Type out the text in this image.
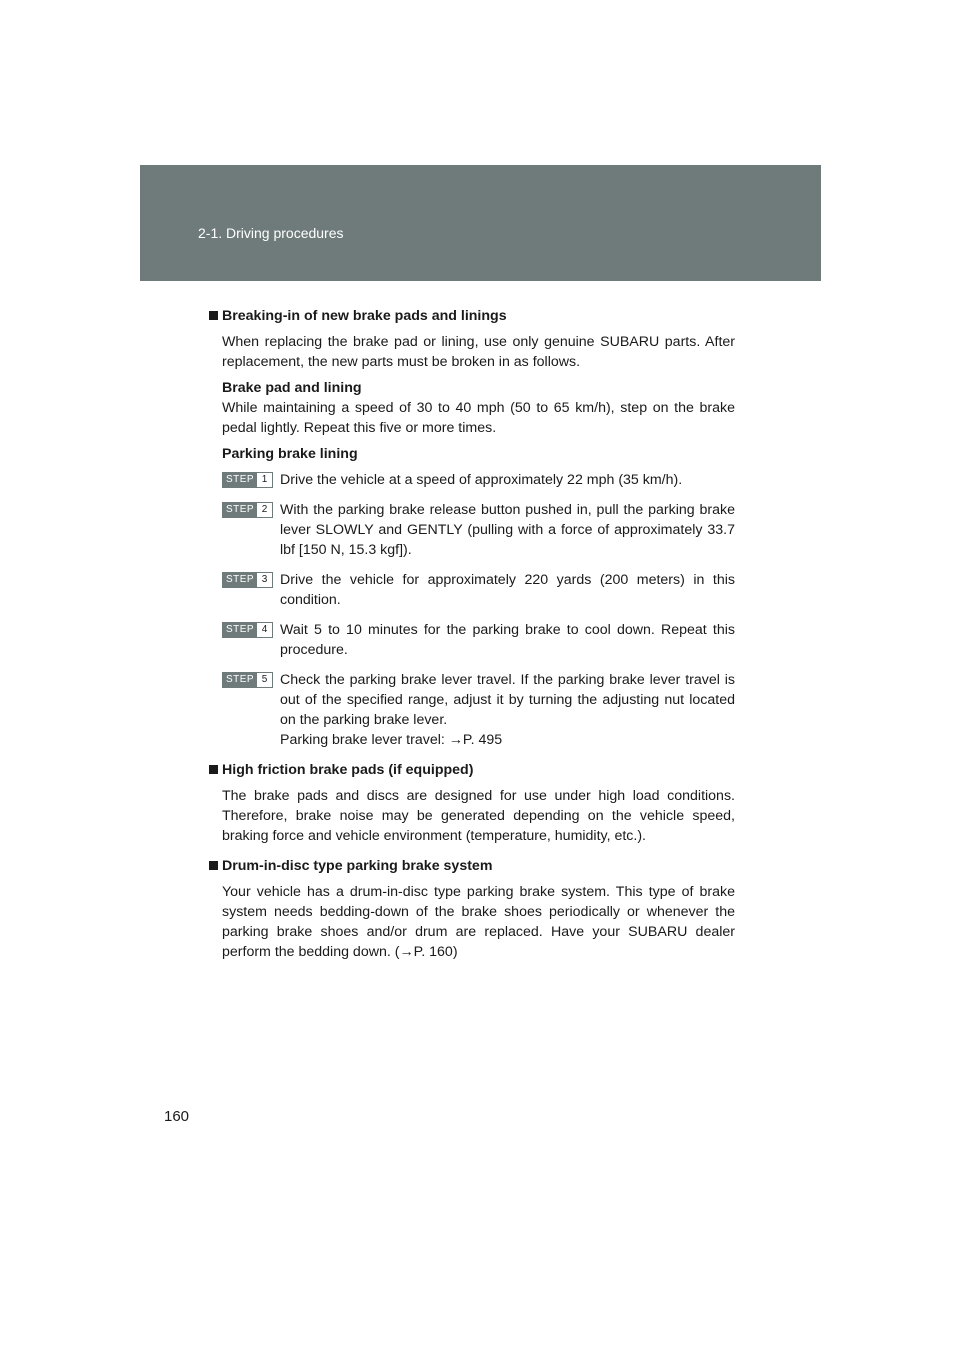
2-1. Driving procedures
Breaking-in of new brake pads and linings

When replacing the brake pad or lining, use only genuine SUBARU parts. After replacement, the new parts must be broken in as follows.

Brake pad and lining

While maintaining a speed of 30 to 40 mph (50 to 65 km/h), step on the brake pedal lightly. Repeat this five or more times.

Parking brake lining

STEP 1 Drive the vehicle at a speed of approximately 22 mph (35 km/h).
STEP 2 With the parking brake release button pushed in, pull the parking brake lever SLOWLY and GENTLY (pulling with a force of approximately 33.7 lbf [150 N, 15.3 kgf]).
STEP 3 Drive the vehicle for approximately 220 yards (200 meters) in this condition.
STEP 4 Wait 5 to 10 minutes for the parking brake to cool down. Repeat this procedure.
STEP 5 Check the parking brake lever travel. If the parking brake lever travel is out of the specified range, adjust it by turning the adjusting nut located on the parking brake lever.
Parking brake lever travel: →P. 495
High friction brake pads (if equipped)

The brake pads and discs are designed for use under high load conditions. Therefore, brake noise may be generated depending on the vehicle speed, braking force and vehicle environment (temperature, humidity, etc.).

Drum-in-disc type parking brake system

Your vehicle has a drum-in-disc type parking brake system. This type of brake system needs bedding-down of the brake shoes periodically or whenever the parking brake shoes and/or drum are replaced. Have your SUBARU dealer perform the bedding down. (→P. 160)

160
